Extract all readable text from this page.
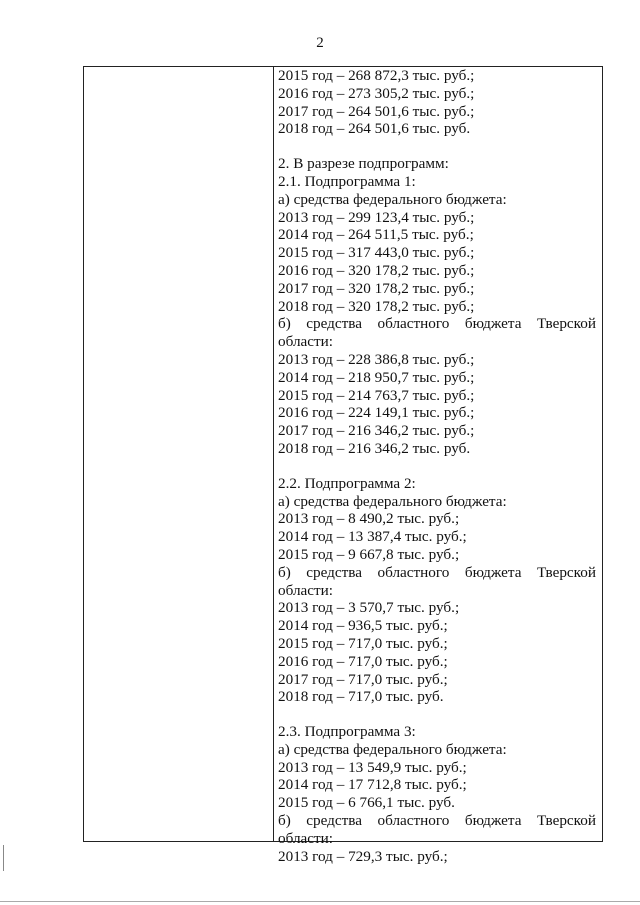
2
2015 год – 268 872,3 тыс. руб.;
2016 год – 273 305,2 тыс. руб.;
2017 год – 264 501,6 тыс. руб.;
2018 год – 264 501,6 тыс. руб.
2. В разрезе подпрограмм:
2.1. Подпрограмма 1:
а) средства федерального бюджета:
2013 год – 299 123,4 тыс. руб.;
2014 год – 264 511,5 тыс. руб.;
2015 год – 317 443,0 тыс. руб.;
2016 год – 320 178,2 тыс. руб.;
2017 год – 320 178,2 тыс. руб.;
2018 год – 320 178,2 тыс. руб.;
б) средства областного бюджета Тверской
области:
2013 год – 228 386,8 тыс. руб.;
2014 год – 218 950,7 тыс. руб.;
2015 год – 214 763,7 тыс. руб.;
2016 год – 224 149,1 тыс. руб.;
2017 год – 216 346,2 тыс. руб.;
2018 год – 216 346,2 тыс. руб.
2.2. Подпрограмма 2:
а) средства федерального бюджета:
2013 год – 8 490,2 тыс. руб.;
2014 год – 13 387,4 тыс. руб.;
2015 год – 9 667,8 тыс. руб.;
б) средства областного бюджета Тверской
области:
2013 год – 3 570,7 тыс. руб.;
2014 год – 936,5 тыс. руб.;
2015 год – 717,0 тыс. руб.;
2016 год – 717,0 тыс. руб.;
2017 год – 717,0 тыс. руб.;
2018 год – 717,0 тыс. руб.
2.3. Подпрограмма 3:
а) средства федерального бюджета:
2013 год – 13 549,9 тыс. руб.;
2014 год – 17 712,8 тыс. руб.;
2015 год – 6 766,1 тыс. руб.
б) средства областного бюджета Тверской
области:
2013 год – 729,3 тыс. руб.;
